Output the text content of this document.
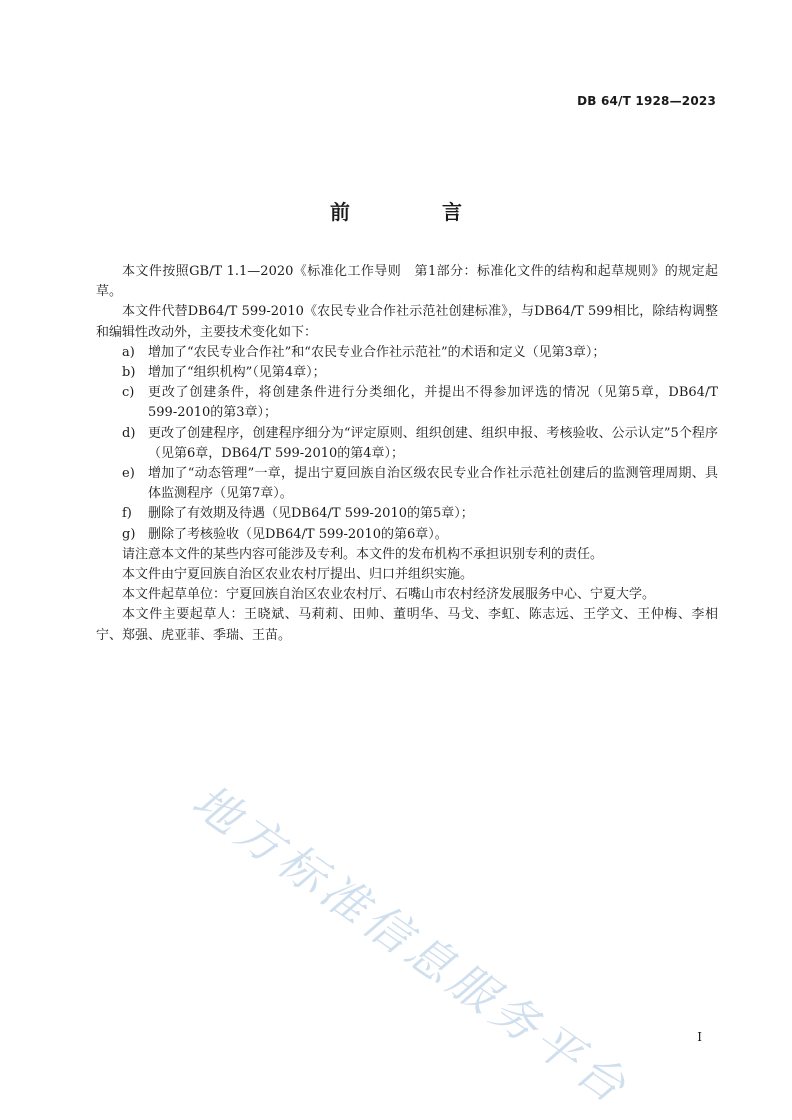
DB 64/T 1928—2023
前　言

本文件按照GB/T 1.1—2020《标准化工作导则　第1部分：标准化文件的结构和起草规则》的规定起草。

本文件代替DB64/T 599-2010《农民专业合作社示范社创建标准》，与DB64/T 599相比，除结构调整和编辑性改动外，主要技术变化如下：

a)	增加了“农民专业合作社”和“农民专业合作社示范社”的术语和定义（见第3章）；
b) 增加了“组织机构”（见第4章）；
c)	更改了创建条件，将创建条件进行分类细化，并提出不得参加评选的情况（见第5章，DB64/T 599-2010的第3章）；
d) 更改了创建程序，创建程序细分为“评定原则、组织创建、组织申报、考核验收、公示认定”5个程序（见第6章，DB64/T 599-2010的第4章）；
e)	增加了“动态管理”一章，提出宁夏回族自治区级农民专业合作社示范社创建后的监测管理周期、具体监测程序（见第7章）。
f)	删除了有效期及待遇（见DB64/T 599-2010的第5章）；
g) 删除了考核验收（见DB64/T 599-2010的第6章）。

请注意本文件的某些内容可能涉及专利。本文件的发布机构不承担识别专利的责任。

本文件由宁夏回族自治区农业农村厅提出、归口并组织实施。

本文件起草单位：宁夏回族自治区农业农村厅、石嘴山市农村经济发展服务中心、宁夏大学。

本文件主要起草人：王晓斌、马莉莉、田帅、董明华、马戈、李虹、陈志远、王学文、王仲梅、李相宁、郑强、虎亚菲、季瑞、王苗。

地方标准信息服务平台	I
